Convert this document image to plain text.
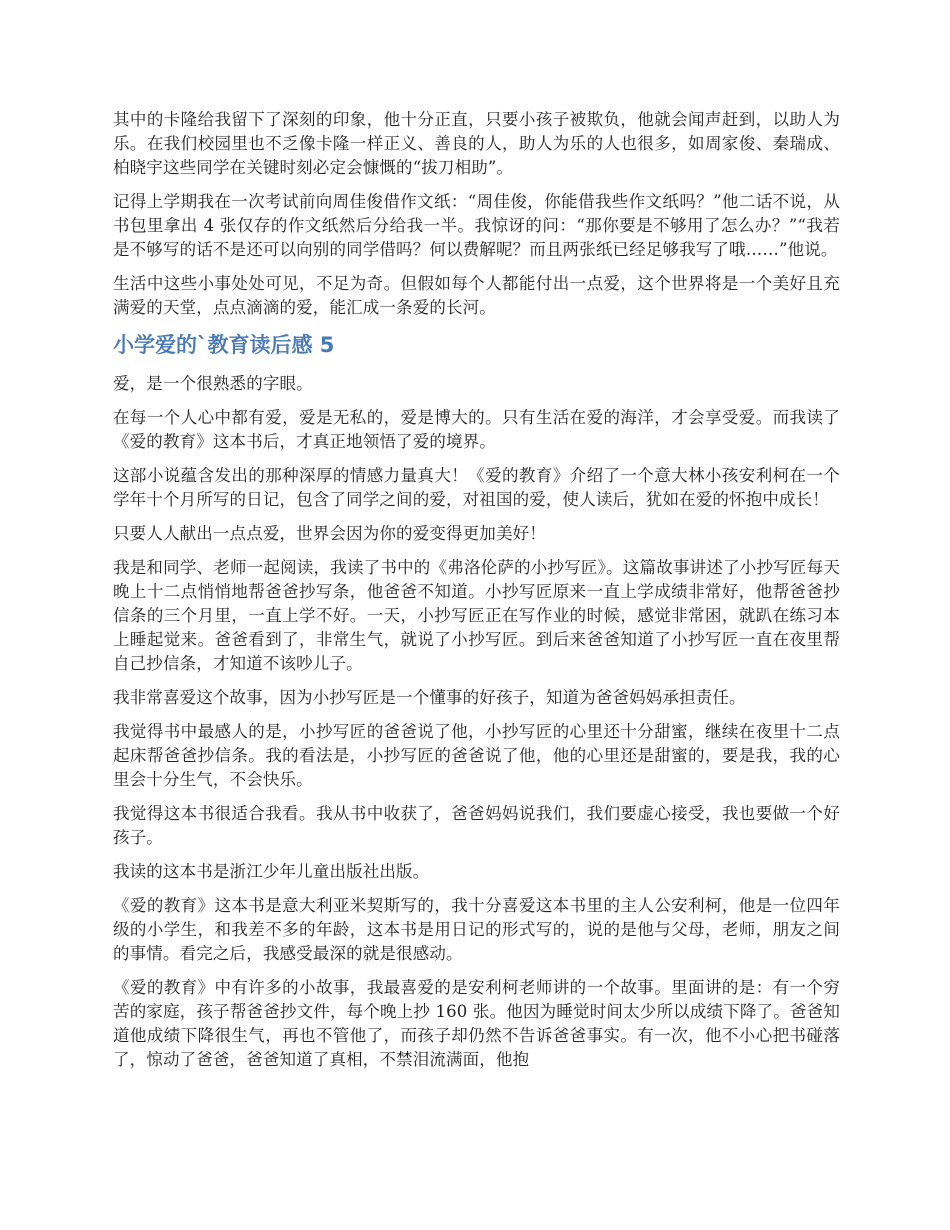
其中的卡隆给我留下了深刻的印象，他十分正直，只要小孩子被欺负，他就会闻声赶到，以助人为乐。在我们校园里也不乏像卡隆一样正义、善良的人，助人为乐的人也很多，如周家俊、秦瑞成、柏晓宇这些同学在关键时刻必定会慷慨的“拔刀相助”。

记得上学期我在一次考试前向周佳俊借作文纸：“周佳俊，你能借我些作文纸吗？”他二话不说，从书包里拿出 4 张仅存的作文纸然后分给我一半。我惊讶的问：“那你要是不够用了怎么办？”“我若是不够写的话不是还可以向别的同学借吗？何以费解呢？而且两张纸已经足够我写了哦……”他说。

生活中这些小事处处可见，不足为奇。但假如每个人都能付出一点爱，这个世界将是一个美好且充满爱的天堂，点点滴滴的爱，能汇成一条爱的长河。

小学爱的`教育读后感 5

爱，是一个很熟悉的字眼。

在每一个人心中都有爱，爱是无私的，爱是博大的。只有生活在爱的海洋，才会享受爱。而我读了《爱的教育》这本书后，才真正地领悟了爱的境界。

这部小说蕴含发出的那种深厚的情感力量真大！《爱的教育》介绍了一个意大林小孩安利柯在一个学年十个月所写的日记，包含了同学之间的爱，对祖国的爱，使人读后，犹如在爱的怀抱中成长！

只要人人献出一点点爱，世界会因为你的爱变得更加美好！

我是和同学、老师一起阅读，我读了书中的《弗洛伦萨的小抄写匠》。这篇故事讲述了小抄写匠每天晚上十二点悄悄地帮爸爸抄写条，他爸爸不知道。小抄写匠原来一直上学成绩非常好，他帮爸爸抄信条的三个月里，一直上学不好。一天，小抄写匠正在写作业的时候，感觉非常困，就趴在练习本上睡起觉来。爸爸看到了，非常生气，就说了小抄写匠。到后来爸爸知道了小抄写匠一直在夜里帮自己抄信条，才知道不该吵儿子。

我非常喜爱这个故事，因为小抄写匠是一个懂事的好孩子，知道为爸爸妈妈承担责任。

我觉得书中最感人的是，小抄写匠的爸爸说了他，小抄写匠的心里还十分甜蜜，继续在夜里十二点起床帮爸爸抄信条。我的看法是，小抄写匠的爸爸说了他，他的心里还是甜蜜的，要是我，我的心里会十分生气，不会快乐。

我觉得这本书很适合我看。我从书中收获了，爸爸妈妈说我们，我们要虚心接受，我也要做一个好孩子。

我读的这本书是浙江少年儿童出版社出版。

《爱的教育》这本书是意大利亚米契斯写的，我十分喜爱这本书里的主人公安利柯，他是一位四年级的小学生，和我差不多的年龄，这本书是用日记的形式写的，说的是他与父母，老师，朋友之间的事情。看完之后，我感受最深的就是很感动。

《爱的教育》中有许多的小故事，我最喜爱的是安利柯老师讲的一个故事。里面讲的是：有一个穷苦的家庭，孩子帮爸爸抄文件，每个晚上抄 160 张。他因为睡觉时间太少所以成绩下降了。爸爸知道他成绩下降很生气，再也不管他了，而孩子却仍然不告诉爸爸事实。有一次，他不小心把书碰落了，惊动了爸爸，爸爸知道了真相，不禁泪流满面，他抱
